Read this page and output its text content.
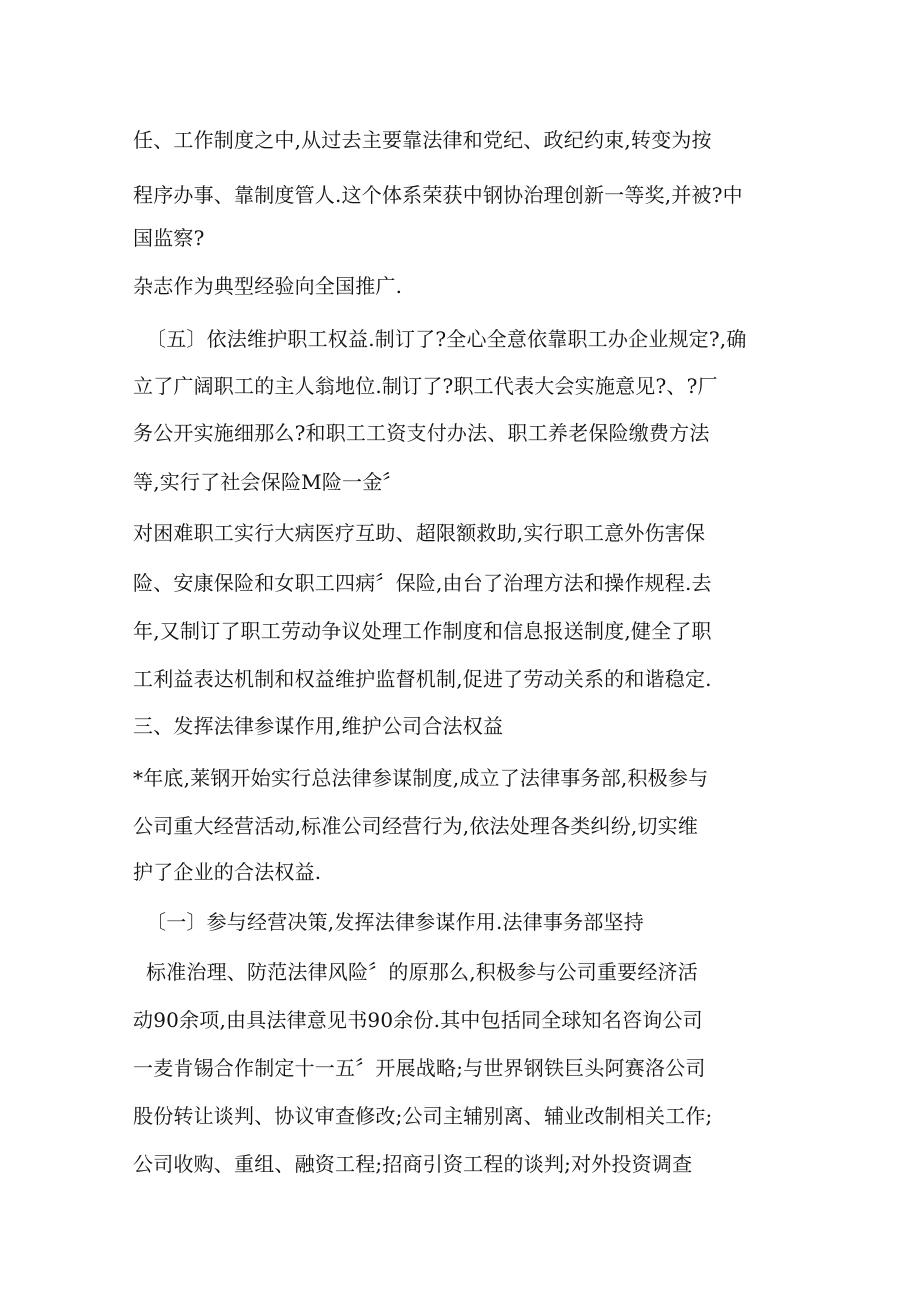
任、工作制度之中,从过去主要靠法律和党纪、政纪约束,转变为按
程序办事、靠制度管人.这个体系荣获中钢协治理创新一等奖,并被?中
国监察?
杂志作为典型经验向全国推广.
〔五〕依法维护职工权益.制订了?全心全意依靠职工办企业规定?,确
立了广阔职工的主人翁地位.制订了?职工代表大会实施意见?、?厂
务公开实施细那么?和职工工资支付办法、职工养老保险缴费方法
等,实行了社会保险M险一金〞
对困难职工实行大病医疗互助、超限额救助,实行职工意外伤害保
险、安康保险和女职工四病〞保险,由台了治理方法和操作规程.去
年,又制订了职工劳动争议处理工作制度和信息报送制度,健全了职
工利益表达机制和权益维护监督机制,促进了劳动关系的和谐稳定.
三、发挥法律参谋作用,维护公司合法权益
*年底,莱钢开始实行总法律参谋制度,成立了法律事务部,积极参与
公司重大经营活动,标准公司经营行为,依法处理各类纠纷,切实维
护了企业的合法权益.
〔一〕参与经营决策,发挥法律参谋作用.法律事务部坚持
标准治理、防范法律风险〞的原那么,积极参与公司重要经济活
动90余项,由具法律意见书90余份.其中包括同全球知名咨询公司
一麦肯锡合作制定十一五〞开展战略;与世界钢铁巨头阿赛洛公司
股份转让谈判、协议审查修改;公司主辅别离、辅业改制相关工作;
公司收购、重组、融资工程;招商引资工程的谈判;对外投资调查
